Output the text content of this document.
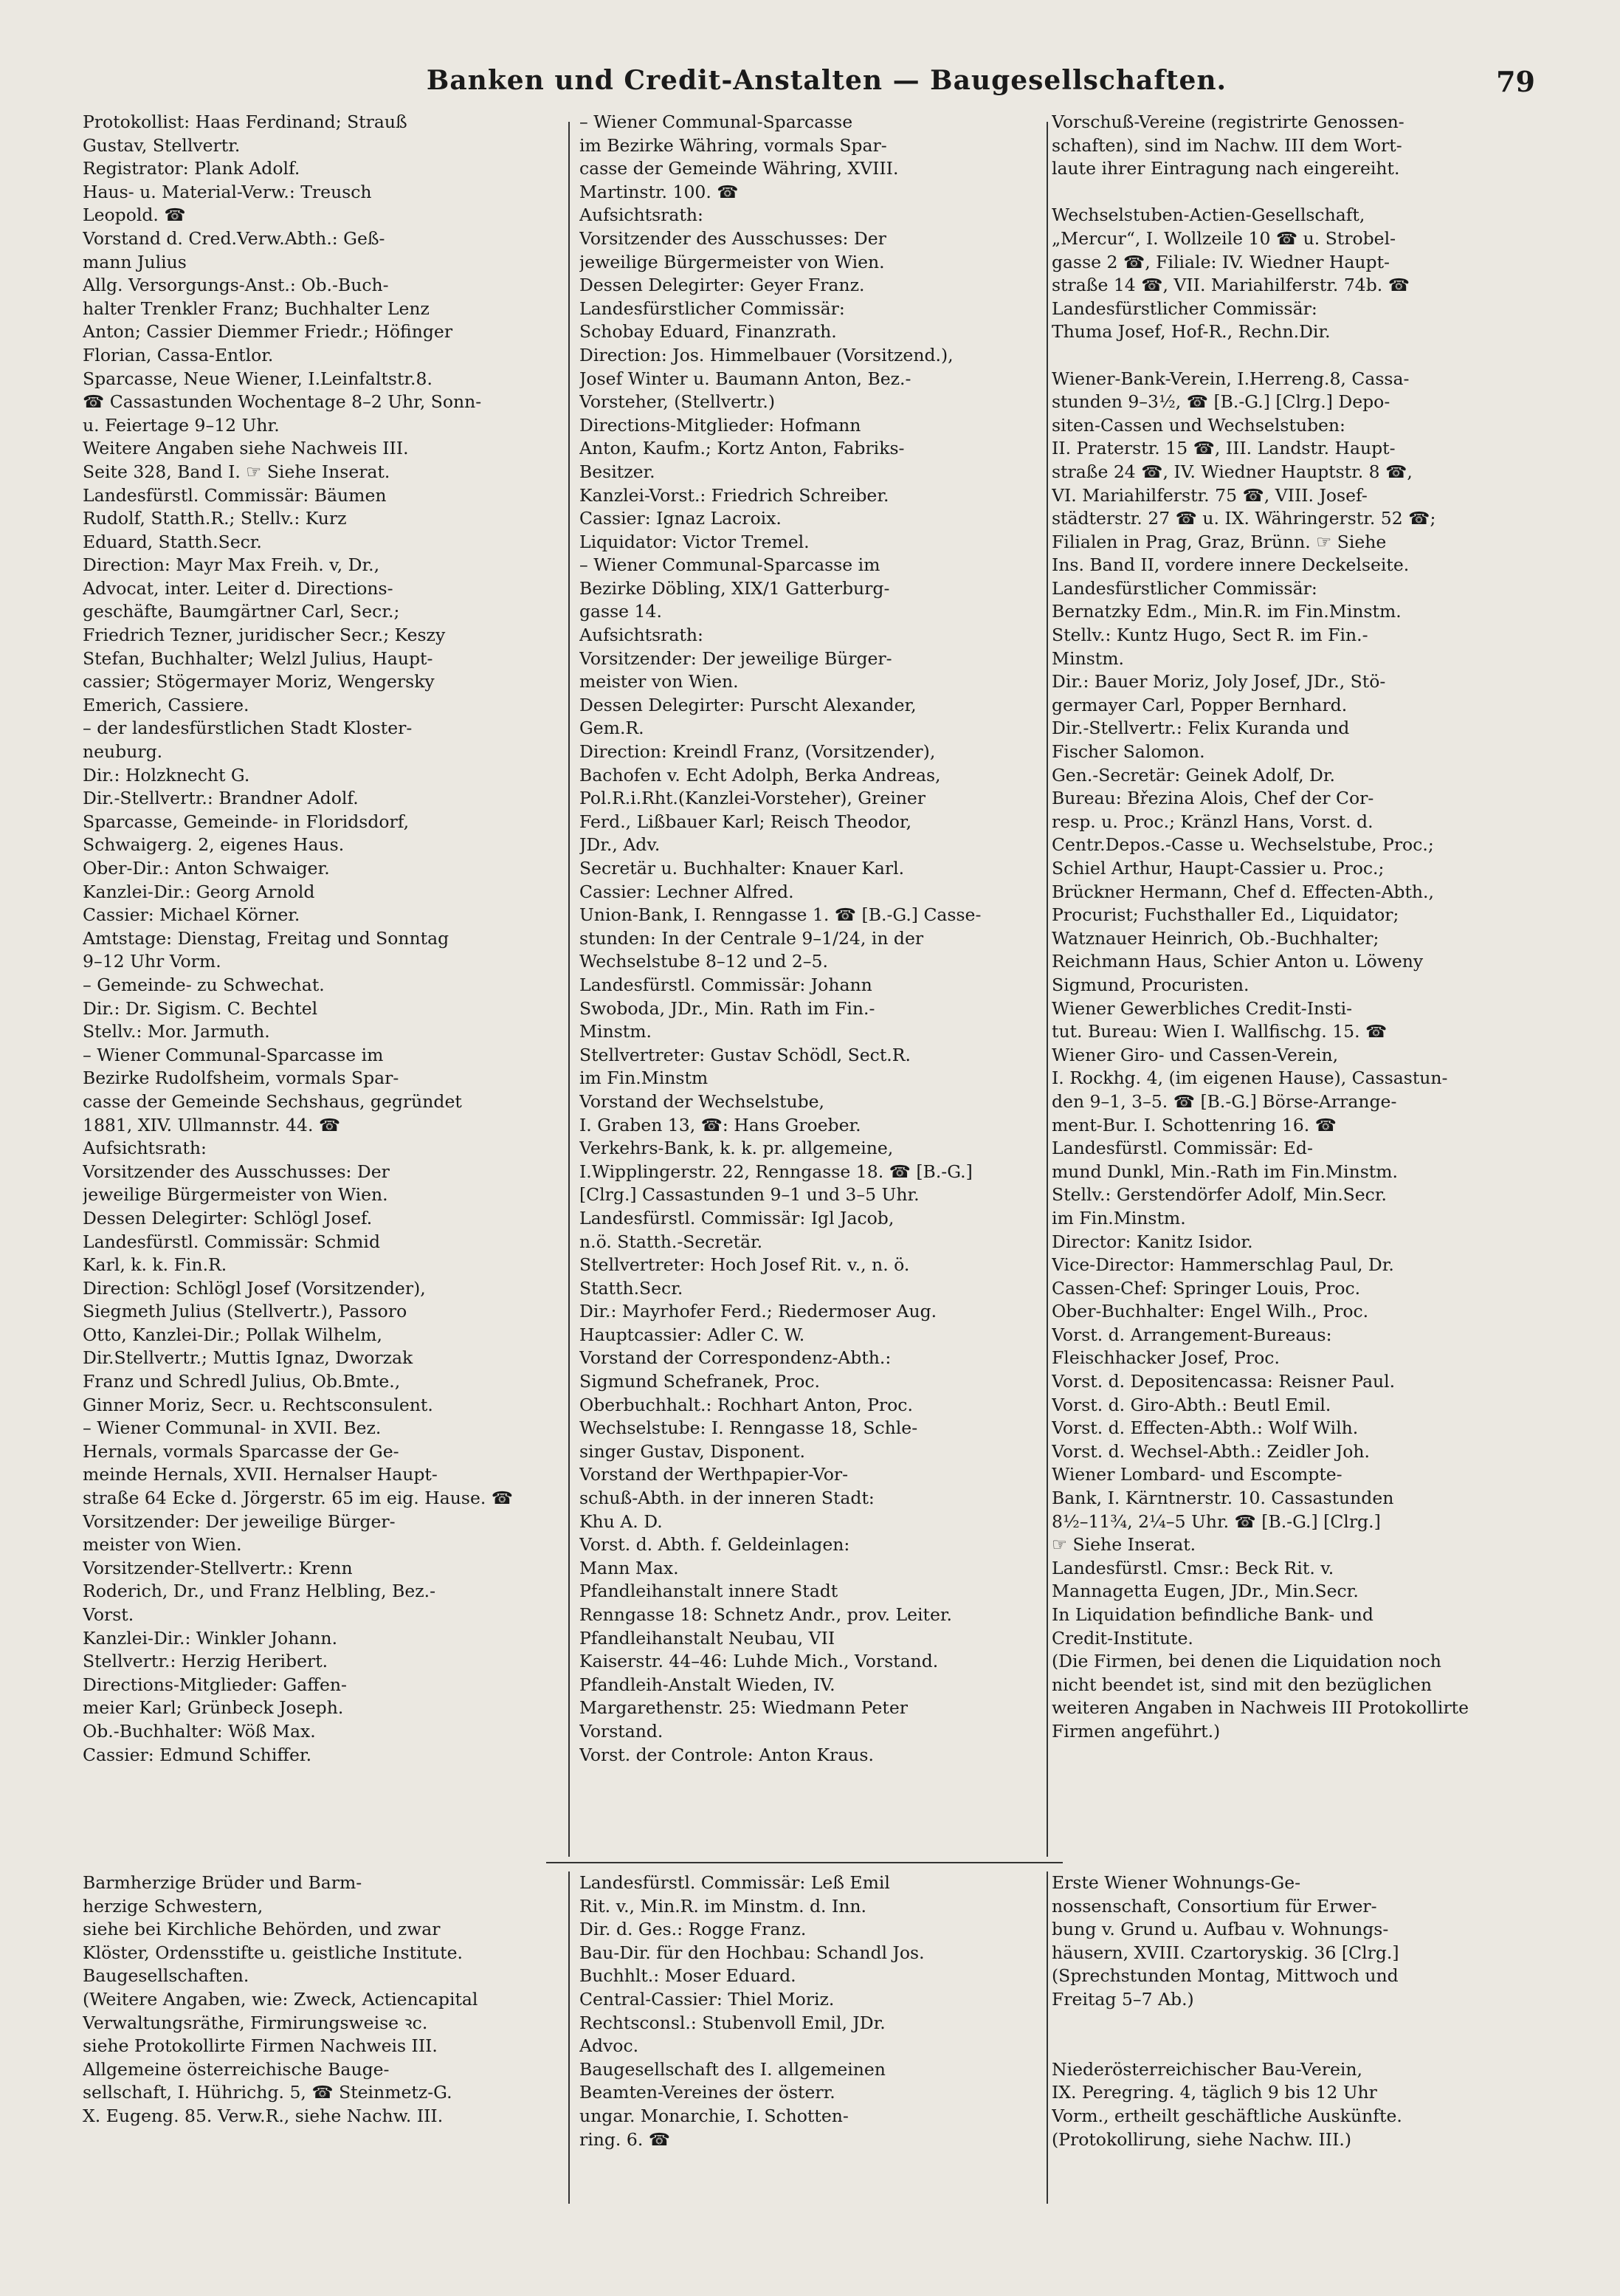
Banken und Credit-Anstalten — Baugesellschaften.	79

Protokollist: Haas Ferdinand; Strauß

Gustav, Stellvertr.

Registrator: Plank Adolf.

Haus- u. Material-Verw.: Treusch

Leopold. ☎

Vorstand d. Cred.Verw.Abth.: Geß-

mann Julius

Allg. Versorgungs-Anst.: Ob.-Buch-

halter Trenkler Franz; Buchhalter Lenz

Anton; Cassier Diemmer Friedr.; Höfinger

Florian, Cassa-Entlor.

Sparcasse, Neue Wiener, I.Leinfaltstr.8.

☎ Cassastunden Wochentage 8–2 Uhr, Sonn-

u. Feiertage 9–12 Uhr.

Weitere Angaben siehe Nachweis III.

Seite 328, Band I. ☞ Siehe Inserat.

Landesfürstl. Commissär: Bäumen

Rudolf, Statth.R.; Stellv.: Kurz

Eduard, Statth.Secr.

Direction: Mayr Max Freih. v, Dr.,

Advocat, inter. Leiter d. Directions-

geschäfte, Baumgärtner Carl, Secr.;

Friedrich Tezner, juridischer Secr.; Keszy

Stefan, Buchhalter; Welzl Julius, Haupt-

cassier; Stögermayer Moriz, Wengersky

Emerich, Cassiere.

– der landesfürstlichen Stadt Kloster-

neuburg.

Dir.: Holzknecht G.

Dir.-Stellvertr.: Brandner Adolf.

Sparcasse, Gemeinde- in Floridsdorf,

Schwaigerg. 2, eigenes Haus.

Ober-Dir.: Anton Schwaiger.

Kanzlei-Dir.: Georg Arnold

Cassier: Michael Körner.

Amtstage: Dienstag, Freitag und Sonntag

9–12 Uhr Vorm.

– Gemeinde- zu Schwechat.

Dir.: Dr. Sigism. C. Bechtel

Stellv.: Mor. Jarmuth.

– Wiener Communal-Sparcasse im

Bezirke Rudolfsheim, vormals Spar-

casse der Gemeinde Sechshaus, gegründet

1881, XIV. Ullmannstr. 44. ☎

Aufsichtsrath:

Vorsitzender des Ausschusses: Der

jeweilige Bürgermeister von Wien.

Dessen Delegirter: Schlögl Josef.

Landesfürstl. Commissär: Schmid

Karl, k. k. Fin.R.

Direction: Schlögl Josef (Vorsitzender),

Siegmeth Julius (Stellvertr.), Passoro

Otto, Kanzlei-Dir.; Pollak Wilhelm,

Dir.Stellvertr.; Muttis Ignaz, Dworzak

Franz und Schredl Julius, Ob.Bmte.,

Ginner Moriz, Secr. u. Rechtsconsulent.

– Wiener Communal- in XVII. Bez.

Hernals, vormals Sparcasse der Ge-

meinde Hernals, XVII. Hernalser Haupt-

straße 64 Ecke d. Jörgerstr. 65 im eig. Hause. ☎

Vorsitzender: Der jeweilige Bürger-

meister von Wien.

Vorsitzender-Stellvertr.: Krenn

Roderich, Dr., und Franz Helbling, Bez.-

Vorst.

Kanzlei-Dir.: Winkler Johann.

Stellvertr.: Herzig Heribert.

Directions-Mitglieder: Gaffen-

meier Karl; Grünbeck Joseph.

Ob.-Buchhalter: Wöß Max.

Cassier: Edmund Schiffer.

– Wiener Communal-Sparcasse

im Bezirke Währing, vormals Spar-

casse der Gemeinde Währing, XVIII.

Martinstr. 100. ☎

Aufsichtsrath:

Vorsitzender des Ausschusses: Der

jeweilige Bürgermeister von Wien.

Dessen Delegirter: Geyer Franz.

Landesfürstlicher Commissär:

Schobay Eduard, Finanzrath.

Direction: Jos. Himmelbauer (Vorsitzend.),

Josef Winter u. Baumann Anton, Bez.-

Vorsteher, (Stellvertr.)

Directions-Mitglieder: Hofmann

Anton, Kaufm.; Kortz Anton, Fabriks-

Besitzer.

Kanzlei-Vorst.: Friedrich Schreiber.

Cassier: Ignaz Lacroix.

Liquidator: Victor Tremel.

– Wiener Communal-Sparcasse im

Bezirke Döbling, XIX/1 Gatterburg-

gasse 14.

Aufsichtsrath:

Vorsitzender: Der jeweilige Bürger-

meister von Wien.

Dessen Delegirter: Purscht Alexander,

Gem.R.

Direction: Kreindl Franz, (Vorsitzender),

Bachofen v. Echt Adolph, Berka Andreas,

Pol.R.i.Rht.(Kanzlei-Vorsteher), Greiner

Ferd., Lißbauer Karl; Reisch Theodor,

JDr., Adv.

Secretär u. Buchhalter: Knauer Karl.

Cassier: Lechner Alfred.

Union-Bank, I. Renngasse 1. ☎ [B.-G.] Casse-

stunden: In der Centrale 9–1/24, in der

Wechselstube 8–12 und 2–5.

Landesfürstl. Commissär: Johann

Swoboda, JDr., Min. Rath im Fin.-

Minstm.

Stellvertreter: Gustav Schödl, Sect.R.

im Fin.Minstm

Vorstand der Wechselstube,

I. Graben 13, ☎: Hans Groeber.

Verkehrs-Bank, k. k. pr. allgemeine,

I.Wipplingerstr. 22, Renngasse 18. ☎ [B.-G.]

[Clrg.] Cassastunden 9–1 und 3–5 Uhr.

Landesfürstl. Commissär: Igl Jacob,

n.ö. Statth.-Secretär.

Stellvertreter: Hoch Josef Rit. v., n. ö.

Statth.Secr.

Dir.: Mayrhofer Ferd.; Riedermoser Aug.

Hauptcassier: Adler C. W.

Vorstand der Correspondenz-Abth.:

Sigmund Schefranek, Proc.

Oberbuchhalt.: Rochhart Anton, Proc.

Wechselstube: I. Renngasse 18, Schle-

singer Gustav, Disponent.

Vorstand der Werthpapier-Vor-

schuß-Abth. in der inneren Stadt:

Khu A. D.

Vorst. d. Abth. f. Geldeinlagen:

Mann Max.

Pfandleihanstalt innere Stadt

Renngasse 18: Schnetz Andr., prov. Leiter.

Pfandleihanstalt Neubau, VII

Kaiserstr. 44–46: Luhde Mich., Vorstand.

Pfandleih-Anstalt Wieden, IV.

Margarethenstr. 25: Wiedmann Peter

Vorstand.

Vorst. der Controle: Anton Kraus.

Vorschuß-Vereine (registrirte Genossen-

schaften), sind im Nachw. III dem Wort-

laute ihrer Eintragung nach eingereiht.

Wechselstuben-Actien-Gesellschaft,

„Mercur“, I. Wollzeile 10 ☎ u. Strobel-

gasse 2 ☎, Filiale: IV. Wiedner Haupt-

straße 14 ☎, VII. Mariahilferstr. 74b. ☎

Landesfürstlicher Commissär:

Thuma Josef, Hof-R., Rechn.Dir.

Wiener-Bank-Verein, I.Herreng.8, Cassa-

stunden 9–3½, ☎ [B.-G.] [Clrg.] Depo-

siten-Cassen und Wechselstuben:

II. Praterstr. 15 ☎, III. Landstr. Haupt-

straße 24 ☎, IV. Wiedner Hauptstr. 8 ☎,

VI. Mariahilferstr. 75 ☎, VIII. Josef-

städterstr. 27 ☎ u. IX. Währingerstr. 52 ☎;

Filialen in Prag, Graz, Brünn. ☞ Siehe

Ins. Band II, vordere innere Deckelseite.

Landesfürstlicher Commissär:

Bernatzky Edm., Min.R. im Fin.Minstm.

Stellv.: Kuntz Hugo, Sect R. im Fin.-

Minstm.

Dir.: Bauer Moriz, Joly Josef, JDr., Stö-

germayer Carl, Popper Bernhard.

Dir.-Stellvertr.: Felix Kuranda und

Fischer Salomon.

Gen.-Secretär: Geinek Adolf, Dr.

Bureau: Březina Alois, Chef der Cor-

resp. u. Proc.; Kränzl Hans, Vorst. d.

Centr.Depos.-Casse u. Wechselstube, Proc.;

Schiel Arthur, Haupt-Cassier u. Proc.;

Brückner Hermann, Chef d. Effecten-Abth.,

Procurist; Fuchsthaller Ed., Liquidator;

Watznauer Heinrich, Ob.-Buchhalter;

Reichmann Haus, Schier Anton u. Löweny

Sigmund, Procuristen.

Wiener Gewerbliches Credit-Insti-

tut. Bureau: Wien I. Wallfischg. 15. ☎

Wiener Giro- und Cassen-Verein,

I. Rockhg. 4, (im eigenen Hause), Cassastun-

den 9–1, 3–5. ☎ [B.-G.] Börse-Arrange-

ment-Bur. I. Schottenring 16. ☎

Landesfürstl. Commissär: Ed-

mund Dunkl, Min.-Rath im Fin.Minstm.

Stellv.: Gerstendörfer Adolf, Min.Secr.

im Fin.Minstm.

Director: Kanitz Isidor.

Vice-Director: Hammerschlag Paul, Dr.

Cassen-Chef: Springer Louis, Proc.

Ober-Buchhalter: Engel Wilh., Proc.

Vorst. d. Arrangement-Bureaus:

Fleischhacker Josef, Proc.

Vorst. d. Depositencassa: Reisner Paul.

Vorst. d. Giro-Abth.: Beutl Emil.

Vorst. d. Effecten-Abth.: Wolf Wilh.

Vorst. d. Wechsel-Abth.: Zeidler Joh.

Wiener Lombard- und Escompte-

Bank, I. Kärntnerstr. 10. Cassastunden

8½–11¾, 2¼–5 Uhr. ☎ [B.-G.] [Clrg.]

☞ Siehe Inserat.

Landesfürstl. Cmsr.: Beck Rit. v.

Mannagetta Eugen, JDr., Min.Secr.

In Liquidation befindliche Bank- und

Credit-Institute.

(Die Firmen, bei denen die Liquidation noch

nicht beendet ist, sind mit den bezüglichen

weiteren Angaben in Nachweis III Protokollirte

Firmen angeführt.)

Barmherzige Brüder und Barm-

herzige Schwestern,

siehe bei Kirchliche Behörden, und zwar

Klöster, Ordensstifte u. geistliche Institute.

Baugesellschaften.

(Weitere Angaben, wie: Zweck, Actiencapital

Verwaltungsräthe, Firmirungsweise ꝛc.

siehe Protokollirte Firmen Nachweis III.

Allgemeine österreichische Bauge-

sellschaft, I. Hührichg. 5, ☎ Steinmetz-G.

X. Eugeng. 85. Verw.R., siehe Nachw. III.

Landesfürstl. Commissär: Leß Emil

Rit. v., Min.R. im Minstm. d. Inn.

Dir. d. Ges.: Rogge Franz.

Bau-Dir. für den Hochbau: Schandl Jos.

Buchhlt.: Moser Eduard.

Central-Cassier: Thiel Moriz.

Rechtsconsl.: Stubenvoll Emil, JDr.

Advoc.

Baugesellschaft des I. allgemeinen

Beamten-Vereines der österr.

ungar. Monarchie, I. Schotten-

ring. 6. ☎

Erste Wiener Wohnungs-Ge-

nossenschaft, Consortium für Erwer-

bung v. Grund u. Aufbau v. Wohnungs-

häusern, XVIII. Czartoryskig. 36 [Clrg.]

(Sprechstunden Montag, Mittwoch und

Freitag 5–7 Ab.)

Niederösterreichischer Bau-Verein,

IX. Peregring. 4, täglich 9 bis 12 Uhr

Vorm., ertheilt geschäftliche Auskünfte.

(Protokollirung, siehe Nachw. III.)
